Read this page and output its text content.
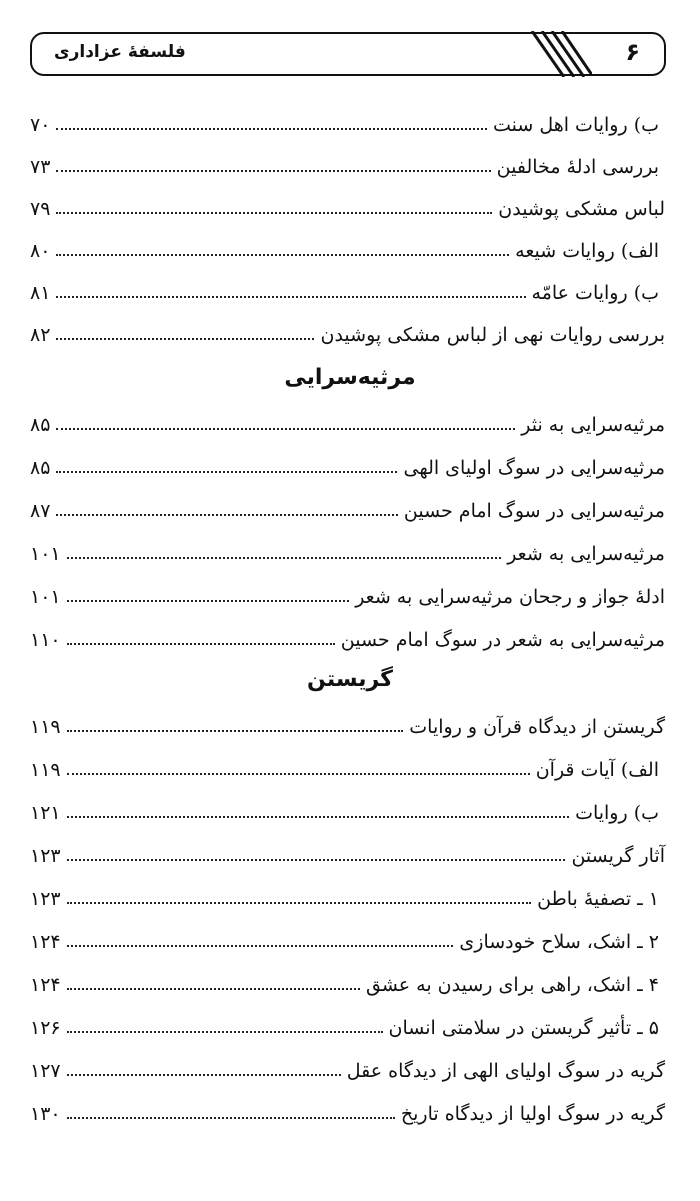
۶
فلسفهٔ عزاداری
ب) روایات اهل سنت
۷۰
بررسی ادلهٔ مخالفین
۷۳
لباس مشکی پوشیدن
۷۹
الف) روایات شیعه
۸۰
ب) روایات عامّه
۸۱
بررسی روایات نهی از لباس مشکی پوشیدن
۸۲
مرثیه‌سرایی
مرثیه‌سرایی به نثر
۸۵
مرثیه‌سرایی در سوگ اولیای الهی
۸۵
مرثیه‌سرایی در سوگ امام حسین
۸۷
مرثیه‌سرایی به شعر
۱۰۱
ادلهٔ جواز و رجحان مرثیه‌سرایی به شعر
۱۰۱
مرثیه‌سرایی به شعر در سوگ امام حسین
۱۱۰
گریستن
گریستن از دیدگاه قرآن و روایات
۱۱۹
الف) آیات قرآن
۱۱۹
ب) روایات
۱۲۱
آثار گریستن
۱۲۳
۱ ـ تصفیهٔ باطن
۱۲۳
۲ ـ اشک، سلاح خودسازی
۱۲۴
۴ ـ اشک، راهی برای رسیدن به عشق
۱۲۴
۵ ـ تأثیر گریستن در سلامتی انسان
۱۲۶
گریه در سوگ اولیای الهی از دیدگاه عقل
۱۲۷
گریه در سوگ اولیا از دیدگاه تاریخ
۱۳۰
